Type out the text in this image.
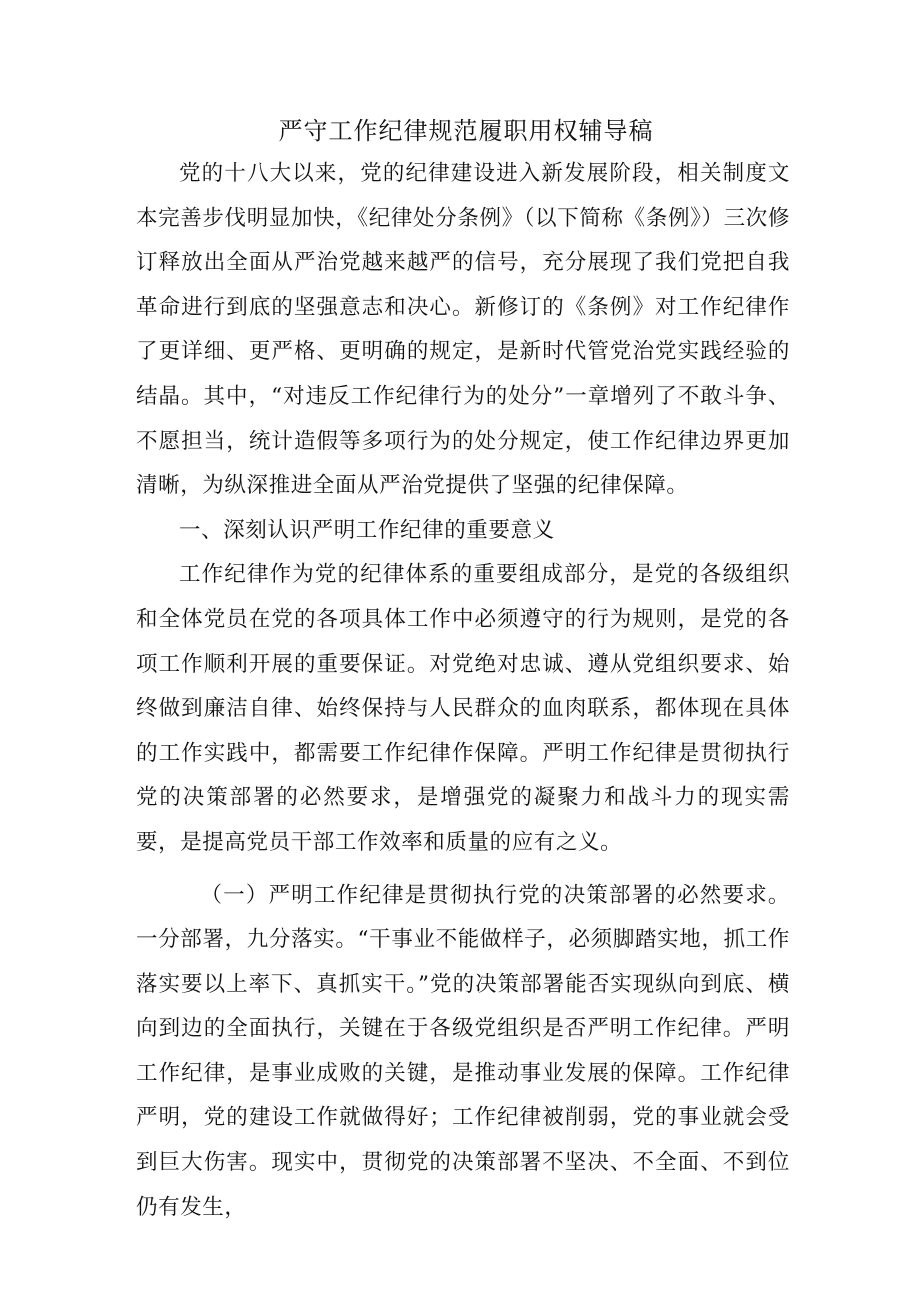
严守工作纪律规范履职用权辅导稿

党的十八大以来，党的纪律建设进入新发展阶段，相关制度文本完善步伐明显加快，《纪律处分条例》（以下简称《条例》）三次修订释放出全面从严治党越来越严的信号，充分展现了我们党把自我革命进行到底的坚强意志和决心。新修订的《条例》对工作纪律作了更详细、更严格、更明确的规定，是新时代管党治党实践经验的结晶。其中，“对违反工作纪律行为的处分”一章增列了不敢斗争、不愿担当，统计造假等多项行为的处分规定，使工作纪律边界更加清晰，为纵深推进全面从严治党提供了坚强的纪律保障。

一、深刻认识严明工作纪律的重要意义

工作纪律作为党的纪律体系的重要组成部分，是党的各级组织和全体党员在党的各项具体工作中必须遵守的行为规则，是党的各项工作顺利开展的重要保证。对党绝对忠诚、遵从党组织要求、始终做到廉洁自律、始终保持与人民群众的血肉联系，都体现在具体的工作实践中，都需要工作纪律作保障。严明工作纪律是贯彻执行党的决策部署的必然要求，是增强党的凝聚力和战斗力的现实需要，是提高党员干部工作效率和质量的应有之义。

（一）严明工作纪律是贯彻执行党的决策部署的必然要求。一分部署，九分落实。“干事业不能做样子，必须脚踏实地，抓工作落实要以上率下、真抓实干。”党的决策部署能否实现纵向到底、横向到边的全面执行，关键在于各级党组织是否严明工作纪律。严明工作纪律，是事业成败的关键，是推动事业发展的保障。工作纪律严明，党的建设工作就做得好；工作纪律被削弱，党的事业就会受到巨大伤害。现实中，贯彻党的决策部署不坚决、不全面、不到位仍有发生，
